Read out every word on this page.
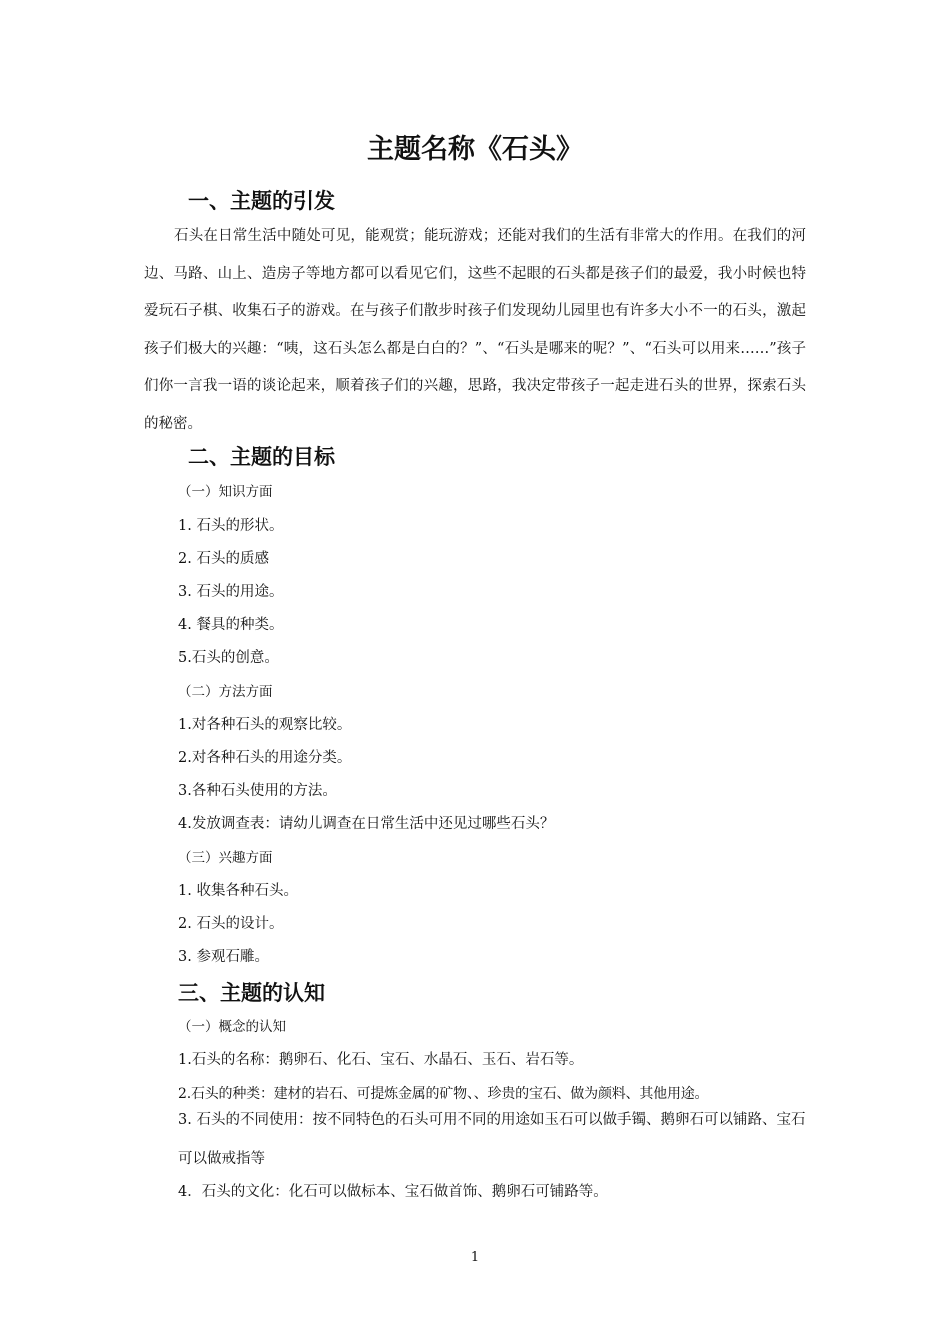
主题名称《石头》
一、主题的引发
石头在日常生活中随处可见，能观赏；能玩游戏；还能对我们的生活有非常大的作用。在我们的河边、马路、山上、造房子等地方都可以看见它们，这些不起眼的石头都是孩子们的最爱，我小时候也特爱玩石子棋、收集石子的游戏。在与孩子们散步时孩子们发现幼儿园里也有许多大小不一的石头，激起孩子们极大的兴趣：“咦，这石头怎么都是白白的？”、“石头是哪来的呢？”、“石头可以用来……”孩子们你一言我一语的谈论起来，顺着孩子们的兴趣，思路，我决定带孩子一起走进石头的世界，探索石头的秘密。
二、主题的目标
（一）知识方面
1. 石头的形状。
2. 石头的质感
3. 石头的用途。
4. 餐具的种类。
5.石头的创意。
（二）方法方面
1.对各种石头的观察比较。
2.对各种石头的用途分类。
3.各种石头使用的方法。
4.发放调查表：请幼儿调查在日常生活中还见过哪些石头？
（三）兴趣方面
1. 收集各种石头。
2. 石头的设计。
3. 参观石雕。
三、主题的认知
（一）概念的认知
1.石头的名称：鹅卵石、化石、宝石、水晶石、玉石、岩石等。
2.石头的种类：建材的岩石、可提炼金属的矿物、、珍贵的宝石、做为颜料、其他用途。
3. 石头的不同使用：按不同特色的石头可用不同的用途如玉石可以做手镯、鹅卵石可以铺路、宝石可以做戒指等
4．石头的文化：化石可以做标本、宝石做首饰、鹅卵石可铺路等。
1
